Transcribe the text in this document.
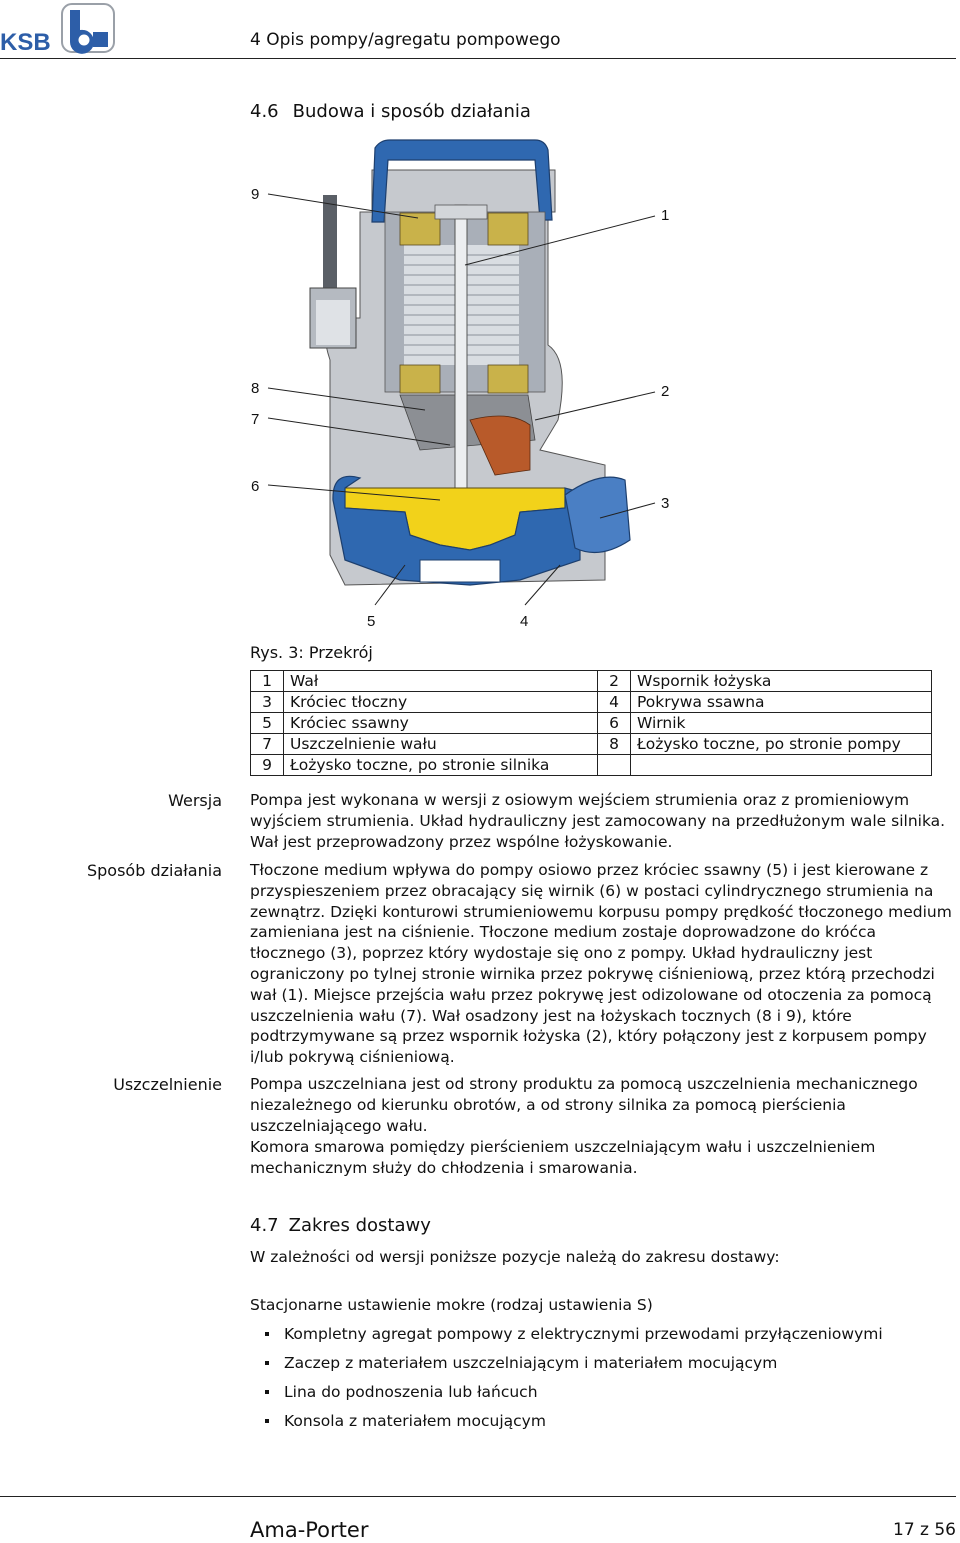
KSB	4 Opis pompy/agregatu pompowego
4.6 Budowa i sposób działania
9
1
8	2
7
6
3
5	4
Rys. 3: Przekrój
1	Wał	2	Wspornik łożyska
3	Króciec tłoczny	4	Pokrywa ssawna
5	Króciec ssawny	6	Wirnik
7	Uszczelnienie wału	8	Łożysko toczne, po stronie pompy
9	Łożysko toczne, po stronie silnika		
Wersja
Sposób działania
Uszczelnienie

Pompa jest wykonana w wersji z osiowym wejściem strumienia oraz z promieniowym wyjściem strumienia. Układ hydrauliczny jest zamocowany na przedłużonym wale silnika. Wał jest przeprowadzony przez wspólne łożyskowanie.

Tłoczone medium wpływa do pompy osiowo przez króciec ssawny (5) i jest kierowane z przyspieszeniem przez obracający się wirnik (6) w postaci cylindrycznego strumienia na zewnątrz. Dzięki konturowi strumieniowemu korpusu pompy prędkość tłoczonego medium zamieniana jest na ciśnienie. Tłoczone medium zostaje doprowadzone do króćca tłocznego (3), poprzez który wydostaje się ono z pompy. Układ hydrauliczny jest ograniczony po tylnej stronie wirnika przez pokrywę ciśnieniową, przez którą przechodzi wał (1). Miejsce przejścia wału przez pokrywę jest odizolowane od otoczenia za pomocą uszczelnienia wału (7). Wał osadzony jest na łożyskach tocznych (8 i 9), które podtrzymywane są przez wspornik łożyska (2), który połączony jest z korpusem pompy i/lub pokrywą ciśnieniową.

Pompa uszczelniana jest od strony produktu za pomocą uszczelnienia mechanicznego niezależnego od kierunku obrotów, a od strony silnika za pomocą pierścienia uszczelniającego wału.

Komora smarowa pomiędzy pierścieniem uszczelniającym wału i uszczelnieniem mechanicznym służy do chłodzenia i smarowania.

4.7 Zakres dostawy
W zależności od wersji poniższe pozycje należą do zakresu dostawy:
Stacjonarne ustawienie mokre (rodzaj ustawienia S)
Kompletny agregat pompowy z elektrycznymi przewodami przyłączeniowymi
Zaczep z materiałem uszczelniającym i materiałem mocującym
Lina do podnoszenia lub łańcuch
Konsola z materiałem mocującym
Ama-Porter	17 z 56
